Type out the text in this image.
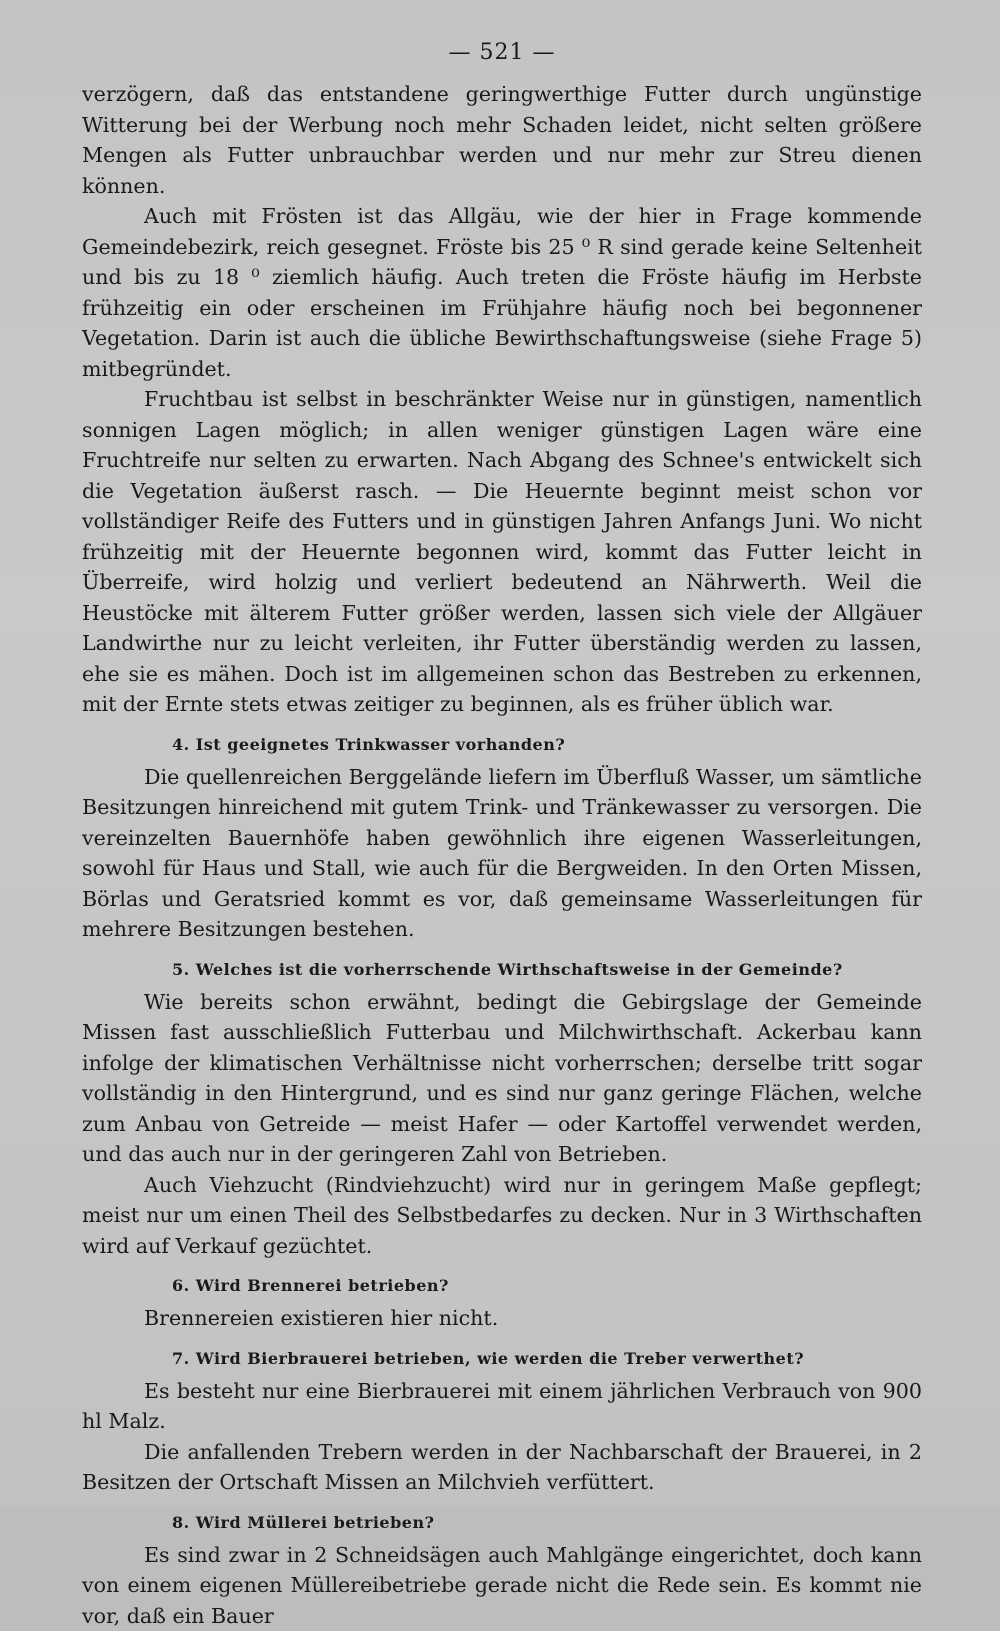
— 521 —

verzögern, daß das entstandene geringwerthige Futter durch ungünstige Witterung bei der Werbung noch mehr Schaden leidet, nicht selten größere Mengen als Futter unbrauchbar werden und nur mehr zur Streu dienen können.

Auch mit Frösten ist das Allgäu, wie der hier in Frage kommende Gemeindebezirk, reich gesegnet. Fröste bis 25 ⁰ R sind gerade keine Seltenheit und bis zu 18 ⁰ ziemlich häufig. Auch treten die Fröste häufig im Herbste frühzeitig ein oder erscheinen im Frühjahre häufig noch bei begonnener Vegetation. Darin ist auch die übliche Bewirthschaftungsweise (siehe Frage 5) mitbegründet.

Fruchtbau ist selbst in beschränkter Weise nur in günstigen, namentlich sonnigen Lagen möglich; in allen weniger günstigen Lagen wäre eine Fruchtreife nur selten zu erwarten. Nach Abgang des Schnee's entwickelt sich die Vegetation äußerst rasch. — Die Heuernte beginnt meist schon vor vollständiger Reife des Futters und in günstigen Jahren Anfangs Juni. Wo nicht frühzeitig mit der Heuernte begonnen wird, kommt das Futter leicht in Überreife, wird holzig und verliert bedeutend an Nährwerth. Weil die Heustöcke mit älterem Futter größer werden, lassen sich viele der Allgäuer Landwirthe nur zu leicht verleiten, ihr Futter überständig werden zu lassen, ehe sie es mähen. Doch ist im allgemeinen schon das Bestreben zu erkennen, mit der Ernte stets etwas zeitiger zu beginnen, als es früher üblich war.

4. Ist geeignetes Trinkwasser vorhanden?

Die quellenreichen Berggelände liefern im Überfluß Wasser, um sämtliche Besitzungen hinreichend mit gutem Trink- und Tränkewasser zu versorgen. Die vereinzelten Bauernhöfe haben gewöhnlich ihre eigenen Wasserleitungen, sowohl für Haus und Stall, wie auch für die Bergweiden. In den Orten Missen, Börlas und Geratsried kommt es vor, daß gemeinsame Wasserleitungen für mehrere Besitzungen bestehen.

5. Welches ist die vorherrschende Wirthschaftsweise in der Gemeinde?

Wie bereits schon erwähnt, bedingt die Gebirgslage der Gemeinde Missen fast ausschließlich Futterbau und Milchwirthschaft. Ackerbau kann infolge der klimatischen Verhältnisse nicht vorherrschen; derselbe tritt sogar vollständig in den Hintergrund, und es sind nur ganz geringe Flächen, welche zum Anbau von Getreide — meist Hafer — oder Kartoffel verwendet werden, und das auch nur in der geringeren Zahl von Betrieben.

Auch Viehzucht (Rindviehzucht) wird nur in geringem Maße gepflegt; meist nur um einen Theil des Selbstbedarfes zu decken. Nur in 3 Wirthschaften wird auf Verkauf gezüchtet.

6. Wird Brennerei betrieben?

Brennereien existieren hier nicht.

7. Wird Bierbrauerei betrieben, wie werden die Treber verwerthet?

Es besteht nur eine Bierbrauerei mit einem jährlichen Verbrauch von 900 hl Malz.

Die anfallenden Trebern werden in der Nachbarschaft der Brauerei, in 2 Besitzen der Ortschaft Missen an Milchvieh verfüttert.

8. Wird Müllerei betrieben?

Es sind zwar in 2 Schneidsägen auch Mahlgänge eingerichtet, doch kann von einem eigenen Müllereibetriebe gerade nicht die Rede sein. Es kommt nie vor, daß ein Bauer
